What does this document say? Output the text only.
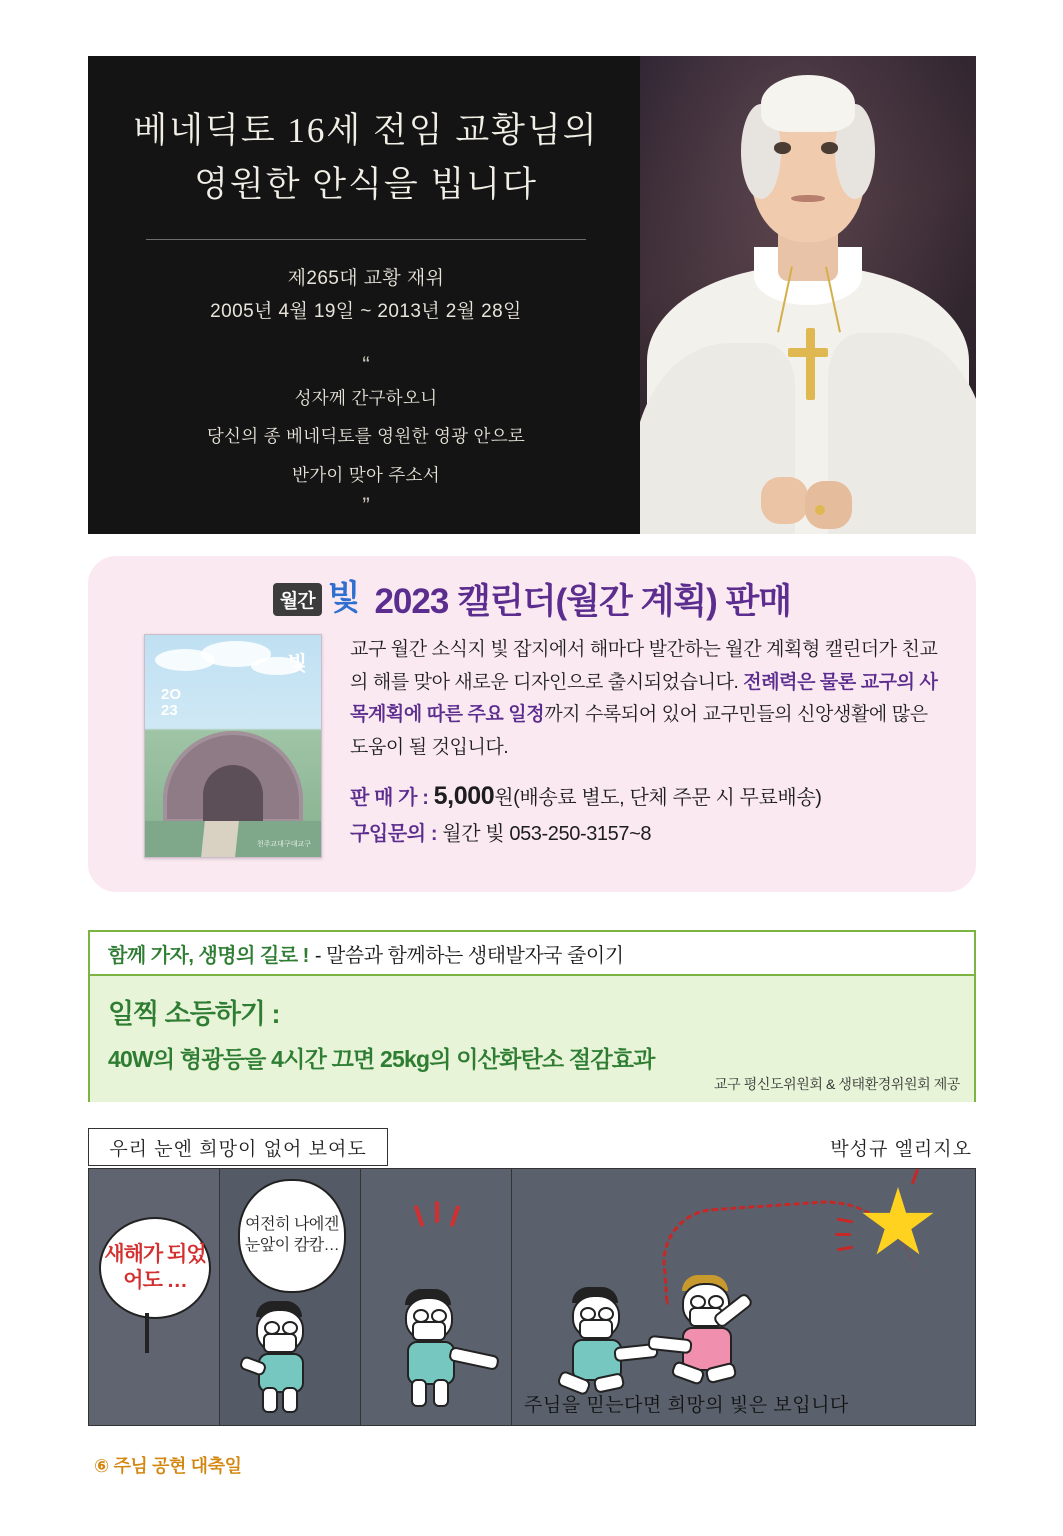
베네딕토 16세 전임 교황님의
영원한 안식을 빕니다
제265대 교황 재위
2005년 4월 19일 ~ 2013년 2월 28일
“
성자께 간구하오니
당신의 종 베네딕토를 영원한 영광 안으로
반가이 맞아 주소서
”
월간 빛 2023 캘린더(월간 계획) 판매
빛
2O
23
천주교대구대교구

교구 월간 소식지 빛 잡지에서 해마다 발간하는 월간 계획형 캘린더가 친교의 해를 맞아 새로운 디자인으로 출시되었습니다. 전례력은 물론 교구의 사목계획에 따른 주요 일정까지 수록되어 있어 교구민들의 신앙생활에 많은 도움이 될 것입니다.

판 매 가 : 5,000원(배송료 별도, 단체 주문 시 무료배송)
구입문의 : 월간 빛 053-250-3157~8
함께 가자, 생명의 길로 ! - 말씀과 함께하는 생태발자국 줄이기
일찍 소등하기 :
40W의 형광등을 4시간 끄면 25kg의 이산화탄소 절감효과
교구 평신도위원회 & 생태환경위원회 제공
우리 눈엔 희망이 없어 보여도	박성규 엘리지오
새해가 되었어도 …
여전히 나에겐 눈앞이 캄캄…
주님을 믿는다면 희망의 빛은 보입니다
⑥ 주님 공현 대축일
